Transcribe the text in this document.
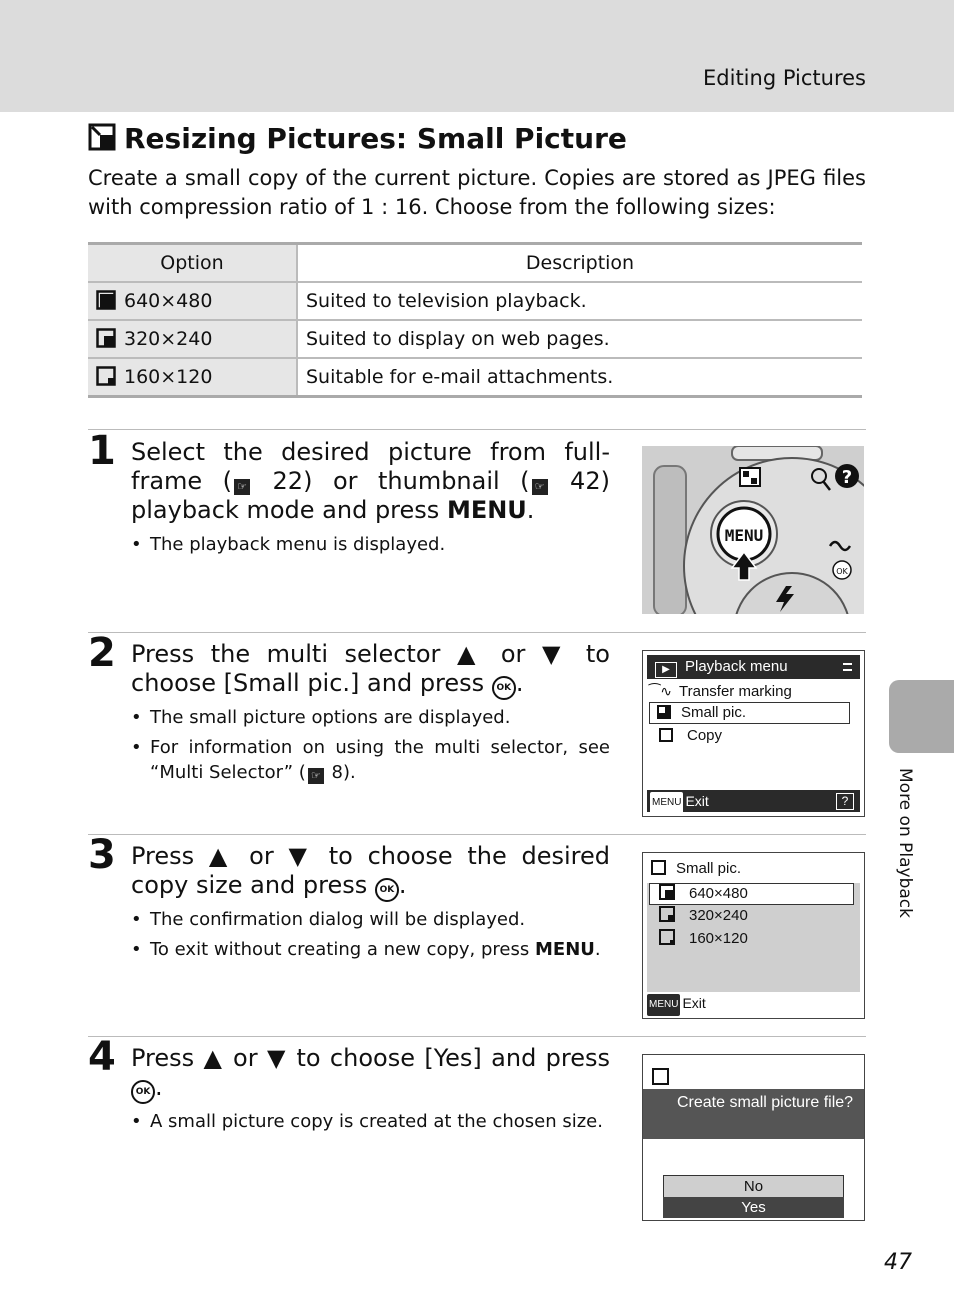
Editing Pictures
Resizing Pictures: Small Picture
Create a small copy of the current picture. Copies are stored as JPEG files with compression ratio of 1 : 16. Choose from the following sizes:
Option	Description
640×480	Suited to television playback.
320×240	Suited to display on web pages.
160×120	Suitable for e-mail attachments.
1 Select the desired picture from full-frame ( ☞ 22) or thumbnail ( ☞ 42) playback mode and press MENU.
• The playback menu is displayed.
?
MENU
OK
2 Press the multi selector ▲ or ▼ to choose [Small pic.] and press OK .
• The small picture options are displayed.
• For information on using the multi selector, see “Multi Selector” ( ☞ 8).
▶ Playback menu
⁀∿ Transfer marking
Small pic.
Copy
MENU Exit	?
3 Press ▲ or ▼ to choose the desired copy size and press OK .
• The confirmation dialog will be displayed.
• To exit without creating a new copy, press MENU.
Small pic.
640×480
320×240
160×120
MENU Exit
4 Press ▲ or ▼ to choose [Yes] and press OK .
• A small picture copy is created at the chosen size.
Create small picture file?
No
Yes
More on Playback
47
